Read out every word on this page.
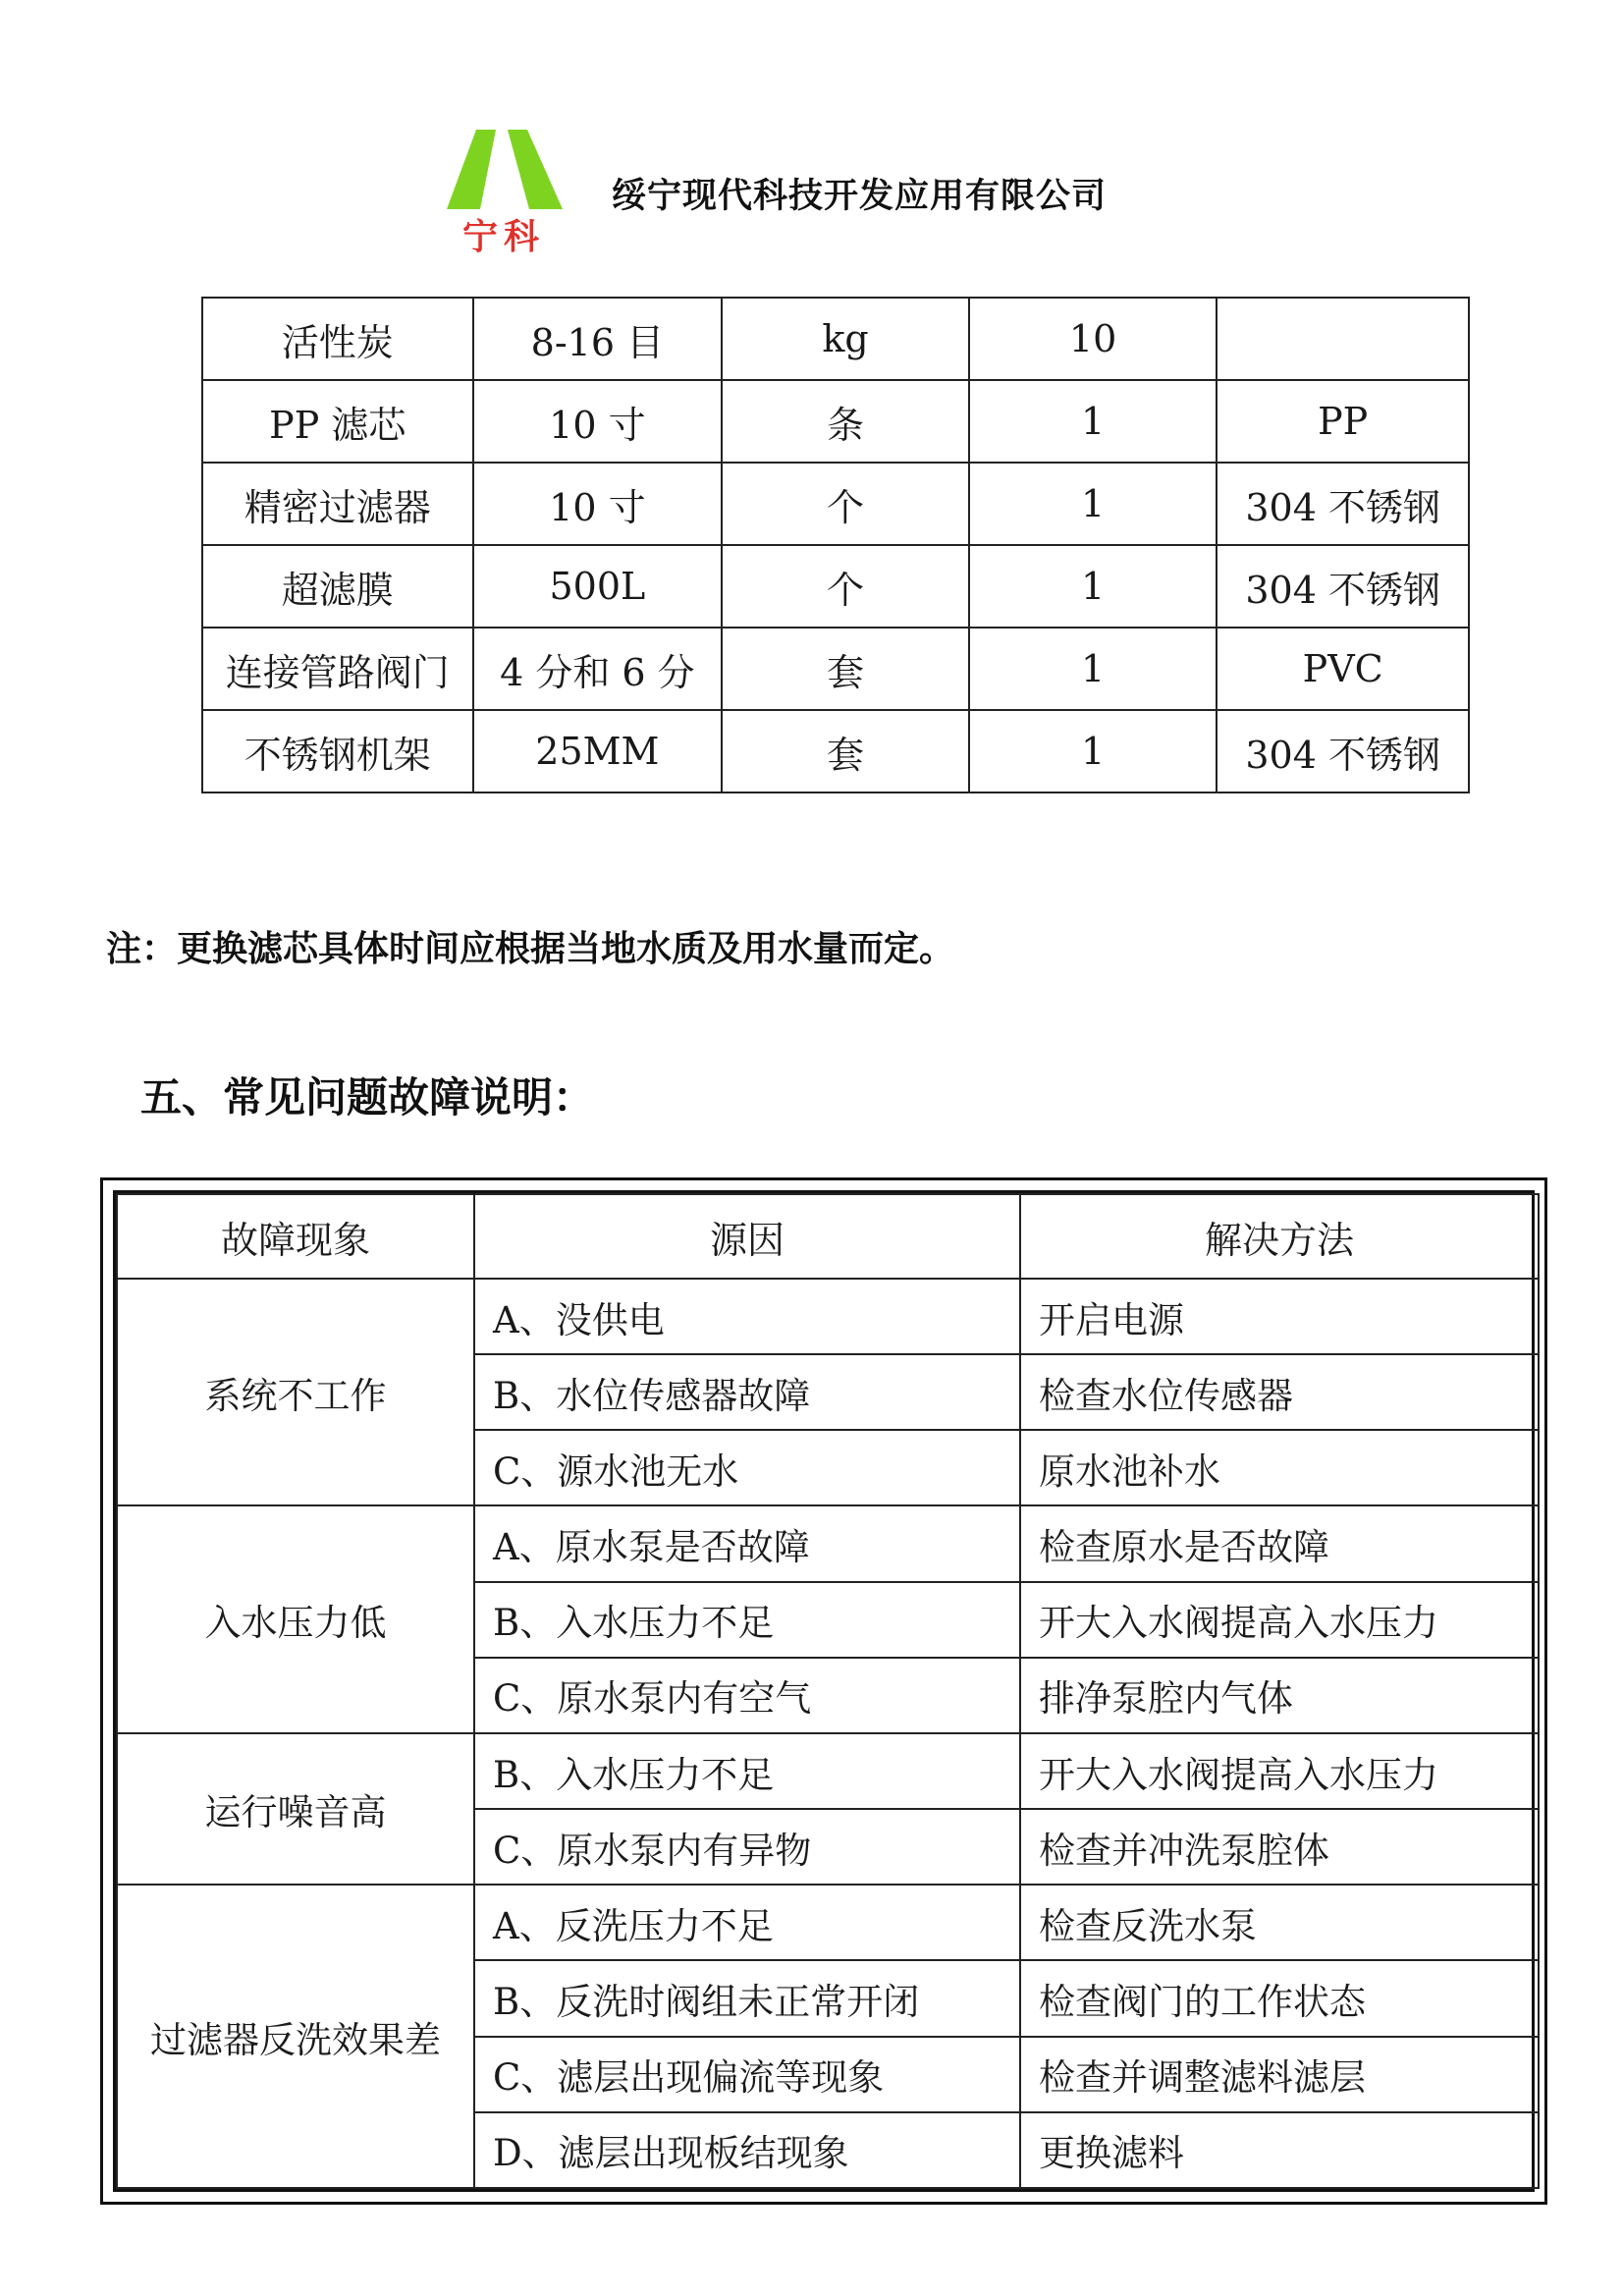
宁科
绥宁现代科技开发应用有限公司
活性炭	8-16 目	kg	10	
PP 滤芯	10 寸	条	1	PP
精密过滤器	10 寸	个	1	304 不锈钢
超滤膜	500L	个	1	304 不锈钢
连接管路阀门	4 分和 6 分	套	1	PVC
不锈钢机架	25MM	套	1	304 不锈钢
注：更换滤芯具体时间应根据当地水质及用水量而定。
五、常见问题故障说明：
故障现象	源因	解决方法
系统不工作	A、没供电	开启电源
	B、水位传感器故障	检查水位传感器
	C、源水池无水	原水池补水
入水压力低	A、原水泵是否故障	检查原水是否故障
	B、入水压力不足	开大入水阀提高入水压力
	C、原水泵内有空气	排净泵腔内气体
运行噪音高	B、入水压力不足	开大入水阀提高入水压力
	C、原水泵内有异物	检查并冲洗泵腔体
过滤器反洗效果差	A、反洗压力不足	检查反洗水泵
	B、反洗时阀组未正常开闭	检查阀门的工作状态
	C、滤层出现偏流等现象	检查并调整滤料滤层
	D、滤层出现板结现象	更换滤料
